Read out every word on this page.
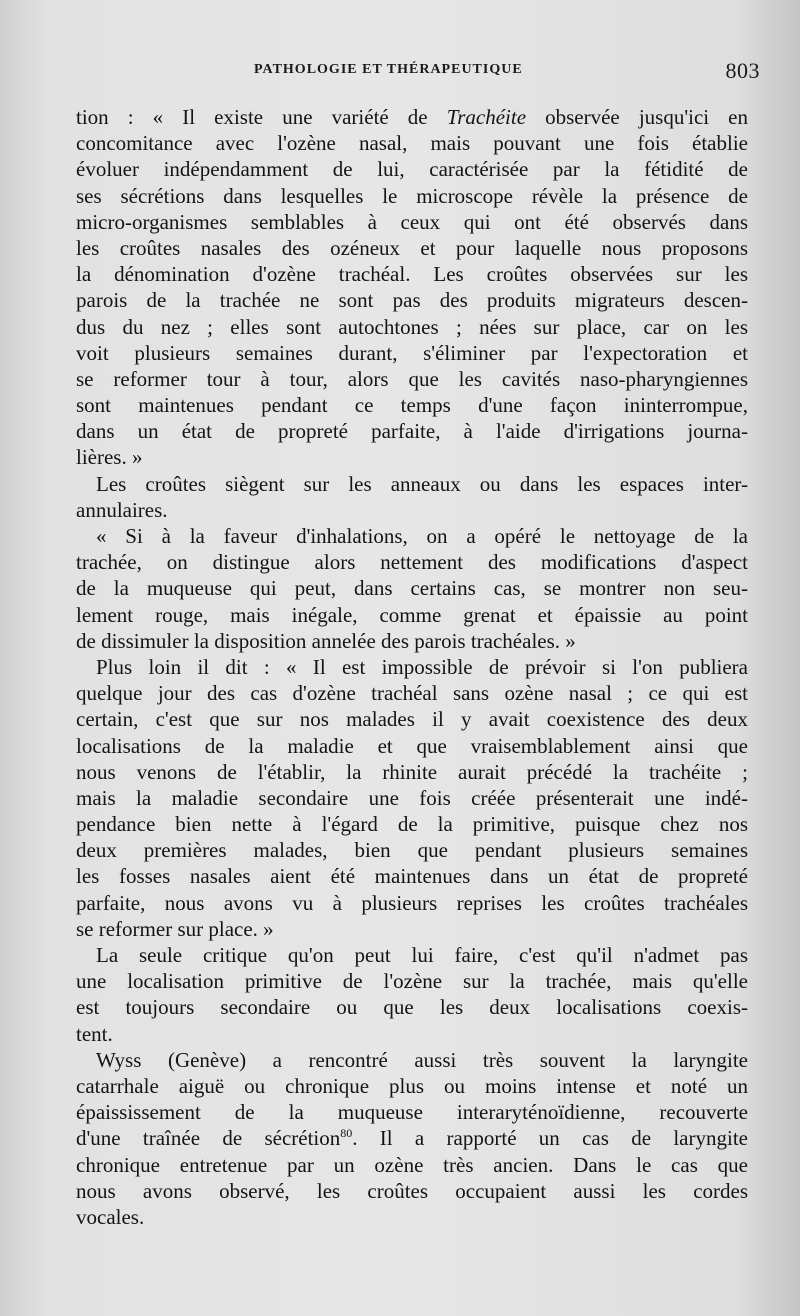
PATHOLOGIE ET THÉRAPEUTIQUE	803
tion : « Il existe une variété de Trachéite observée jusqu'ici en
concomitance avec l'ozène nasal, mais pouvant une fois établie
évoluer indépendamment de lui, caractérisée par la fétidité de
ses sécrétions dans lesquelles le microscope révèle la présence de
micro-organismes semblables à ceux qui ont été observés dans
les croûtes nasales des ozéneux et pour laquelle nous proposons
la dénomination d'ozène trachéal. Les croûtes observées sur les
parois de la trachée ne sont pas des produits migrateurs descen-
dus du nez ; elles sont autochtones ; nées sur place, car on les
voit plusieurs semaines durant, s'éliminer par l'expectoration et
se reformer tour à tour, alors que les cavités naso-pharyngiennes
sont maintenues pendant ce temps d'une façon ininterrompue,
dans un état de propreté parfaite, à l'aide d'irrigations journa-
lières. »
Les croûtes siègent sur les anneaux ou dans les espaces inter-
annulaires.
« Si à la faveur d'inhalations, on a opéré le nettoyage de la
trachée, on distingue alors nettement des modifications d'aspect
de la muqueuse qui peut, dans certains cas, se montrer non seu-
lement rouge, mais inégale, comme grenat et épaissie au point
de dissimuler la disposition annelée des parois trachéales. »
Plus loin il dit : « Il est impossible de prévoir si l'on publiera
quelque jour des cas d'ozène trachéal sans ozène nasal ; ce qui est
certain, c'est que sur nos malades il y avait coexistence des deux
localisations de la maladie et que vraisemblablement ainsi que
nous venons de l'établir, la rhinite aurait précédé la trachéite ;
mais la maladie secondaire une fois créée présenterait une indé-
pendance bien nette à l'égard de la primitive, puisque chez nos
deux premières malades, bien que pendant plusieurs semaines
les fosses nasales aient été maintenues dans un état de propreté
parfaite, nous avons vu à plusieurs reprises les croûtes trachéales
se reformer sur place. »
La seule critique qu'on peut lui faire, c'est qu'il n'admet pas
une localisation primitive de l'ozène sur la trachée, mais qu'elle
est toujours secondaire ou que les deux localisations coexis-
tent.
Wyss (Genève) a rencontré aussi très souvent la laryngite
catarrhale aiguë ou chronique plus ou moins intense et noté un
épaississement de la muqueuse interaryténoïdienne, recouverte
d'une traînée de sécrétion$^{80}$. Il a rapporté un cas de laryngite
chronique entretenue par un ozène très ancien. Dans le cas que
nous avons observé, les croûtes occupaient aussi les cordes
vocales.
